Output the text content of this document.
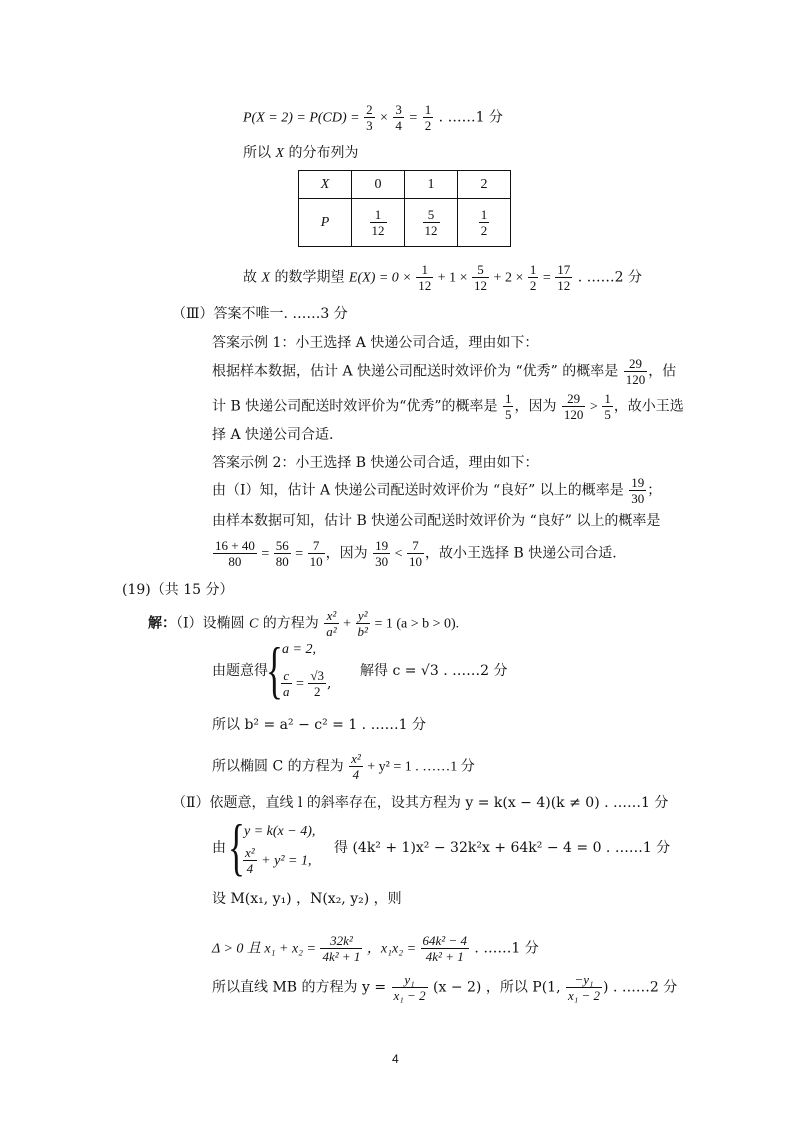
$P(X = 2) = P(CD) = \frac{2}{3} \times \frac{3}{4} = \frac{1}{2}$ . ……1 分
所以 X 的分布列为
X	0	1	2
P	$\frac{1}{12}$	$\frac{5}{12}$	$\frac{1}{2}$
故 X 的数学期望 $E(X) = 0 \times \frac{1}{12} + 1 \times \frac{5}{12} + 2 \times \frac{1}{2} = \frac{17}{12}$ . ……2 分
（Ⅲ）答案不唯一. ……3 分
答案示例 1：小王选择 A 快递公司合适，理由如下：
根据样本数据，估计 A 快递公司配送时效评价为 “优秀” 的概率是 $\frac{29}{120}$ ，估
计 B 快递公司配送时效评价为“优秀”的概率是 $\frac{1}{5}$ ，因为 $\frac{29}{120} > \frac{1}{5}$ ，故小王选
择 A 快递公司合适.
答案示例 2：小王选择 B 快递公司合适，理由如下：
由（Ⅰ）知，估计 A 快递公司配送时效评价为 “良好” 以上的概率是 $\frac{19}{30}$ ；
由样本数据可知，估计 B 快递公司配送时效评价为 “良好” 以上的概率是
$\frac{16 + 40}{80} = \frac{56}{80} = \frac{7}{10}$ ，因为 $\frac{19}{30} < \frac{7}{10}$ ，故小王选择 B 快递公司合适.
(19)（共 15 分）
解：（Ⅰ）设椭圆 C 的方程为 $\frac{\text{x²}}{\text{a²}} + \frac{\text{y²}}{\text{b²}} = 1$ (a > b > 0).
由题意得
{ a = 2,
$\frac{c}{a} = \frac{√3}{2}$ ,
解得 c = √3 . ……2 分
所以 b² = a² − c² = 1 . ……1 分
所以椭圆 C 的方程为 $\frac{\text{x²}}{4} + y^2 = 1$ . ……1 分
（Ⅱ）依题意，直线 l 的斜率存在，设其方程为 y = k(x − 4)(k ≠ 0) . ……1 分
由 { y = k(x − 4),
$\frac{\text{x²}}{4} + y^2 = 1$,
得 (4k² + 1)x² − 32k²x + 64k² − 4 = 0 . ……1 分
设 M(x₁, y₁) ，N(x₂, y₂) ，则
Δ > 0 且 $x_1 + x_2 = \frac{\text{32k²}}{\text{4k² + 1}}$ ，$x_1x_2 = \frac{\text{64k² − 4}}{\text{4k² + 1}}$ . ……1 分
所以直线 MB 的方程为 $y = \frac{\text{y₁}}{\text{x₁ − 2}} (x - 2)$ ，所以 P(1, $\frac{\text{−y₁}}{\text{x₁ − 2}}$ ) . ……2 分
4
